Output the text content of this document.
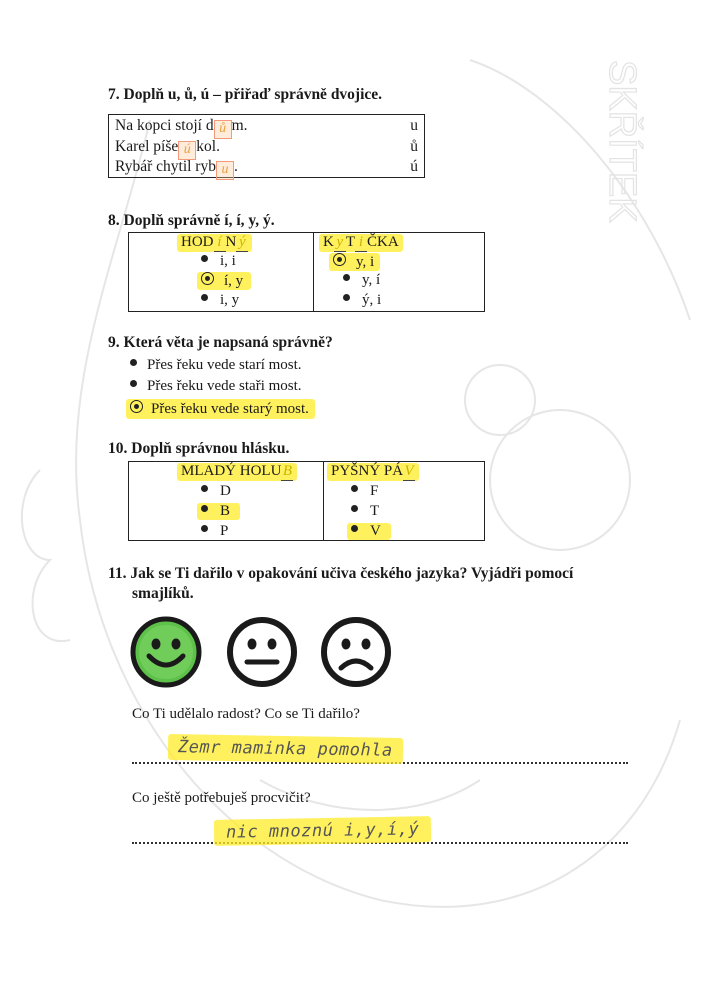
SKŘÍTEK
7. Doplň u, ů, ú – přiřaď správně dvojice.
Na kopci stojí d ů m.	u
Karel píše ú kol.	ů
Rybář chytil ryb u .	ú
8. Doplň správně í, í, y, ý.
HOD í N ý
i, i
í, y
i, y
K y T i ČKA
y, i
y, í
ý, i
9. Která věta je napsaná správně?
Přes řeku vede starí most.
Přes řeku vede staři most.
Přes řeku vede starý most.
10. Doplň správnou hlásku.
MLADÝ HOLUB
D
B
P
PYŠNÝ PÁV
F
T
V
11. Jak se Ti dařilo v opakování učiva českého jazyka? Vyjádři pomocí
smajlíků.
Co Ti udělalo radost? Co se Ti dařilo?
Žemr maminka pomohla
Co ještě potřebuješ procvičit?
nic mnoznú i,y,í,ý
